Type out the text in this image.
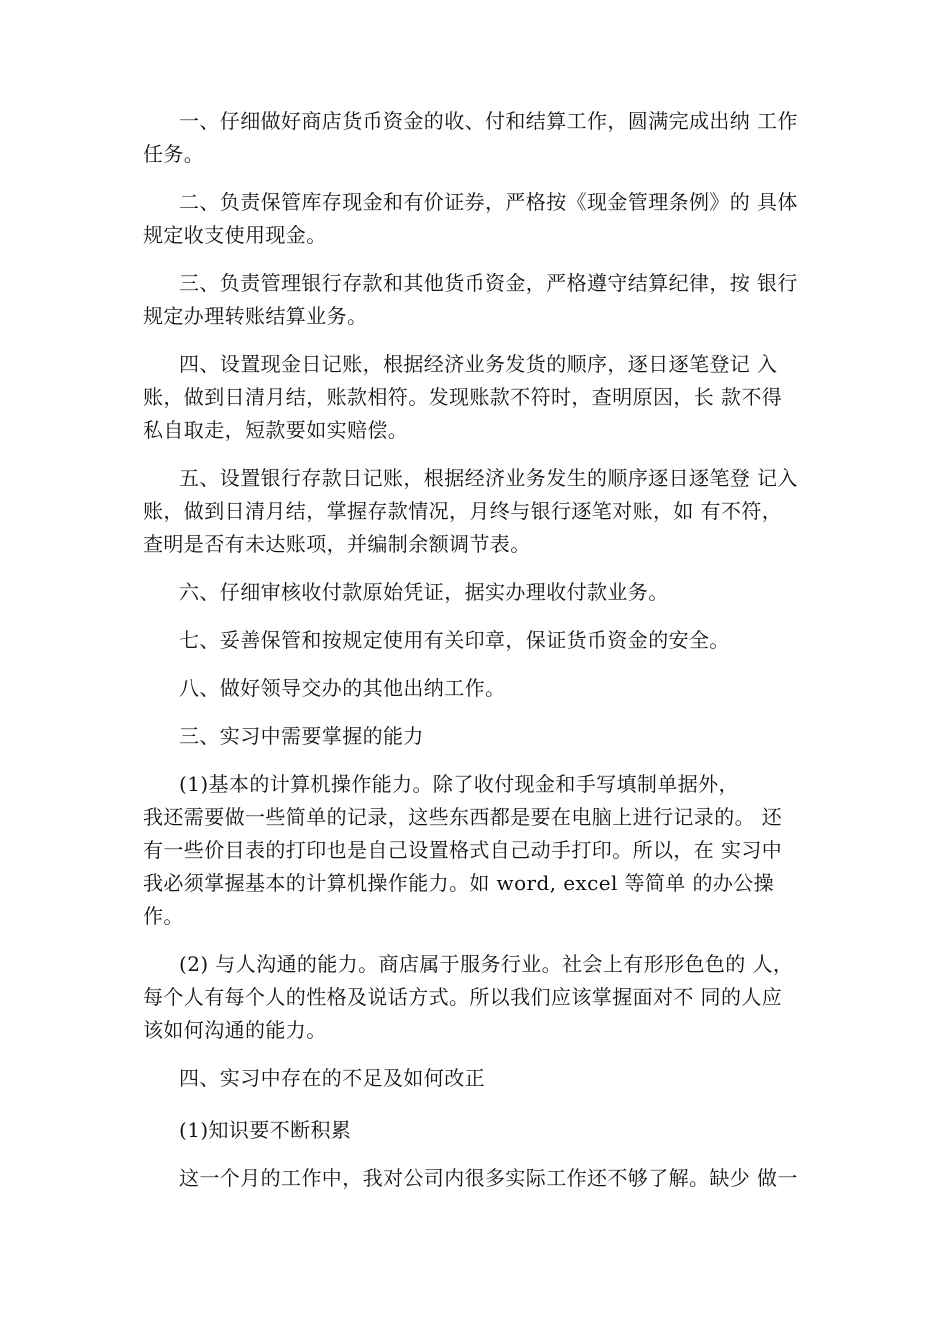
一、仔细做好商店货币资金的收、付和结算工作，圆满完成出纳 工作
任务。

二、负责保管库存现金和有价证券，严格按《现金管理条例》的 具体
规定收支使用现金。

三、负责管理银行存款和其他货币资金，严格遵守结算纪律，按 银行
规定办理转账结算业务。

四、设置现金日记账，根据经济业务发货的顺序，逐日逐笔登记 入
账，做到日清月结，账款相符。发现账款不符时，查明原因，长 款不得
私自取走，短款要如实赔偿。

五、设置银行存款日记账，根据经济业务发生的顺序逐日逐笔登 记入
账，做到日清月结，掌握存款情况，月终与银行逐笔对账，如 有不符，
查明是否有未达账项，并编制余额调节表。

六、仔细审核收付款原始凭证，据实办理收付款业务。

七、妥善保管和按规定使用有关印章，保证货币资金的安全。

八、做好领导交办的其他出纳工作。

三、实习中需要掌握的能力

(1)基本的计算机操作能力。除了收付现金和手写填制单据外，
我还需要做一些简单的记录，这些东西都是要在电脑上进行记录的。 还
有一些价目表的打印也是自己设置格式自己动手打印。所以，在 实习中
我必须掌握基本的计算机操作能力。如 word, excel 等简单 的办公操
作。

(2) 与人沟通的能力。商店属于服务行业。社会上有形形色色的 人，
每个人有每个人的性格及说话方式。所以我们应该掌握面对不 同的人应
该如何沟通的能力。

四、实习中存在的不足及如何改正

(1)知识要不断积累

这一个月的工作中，我对公司内很多实际工作还不够了解。缺少 做一
